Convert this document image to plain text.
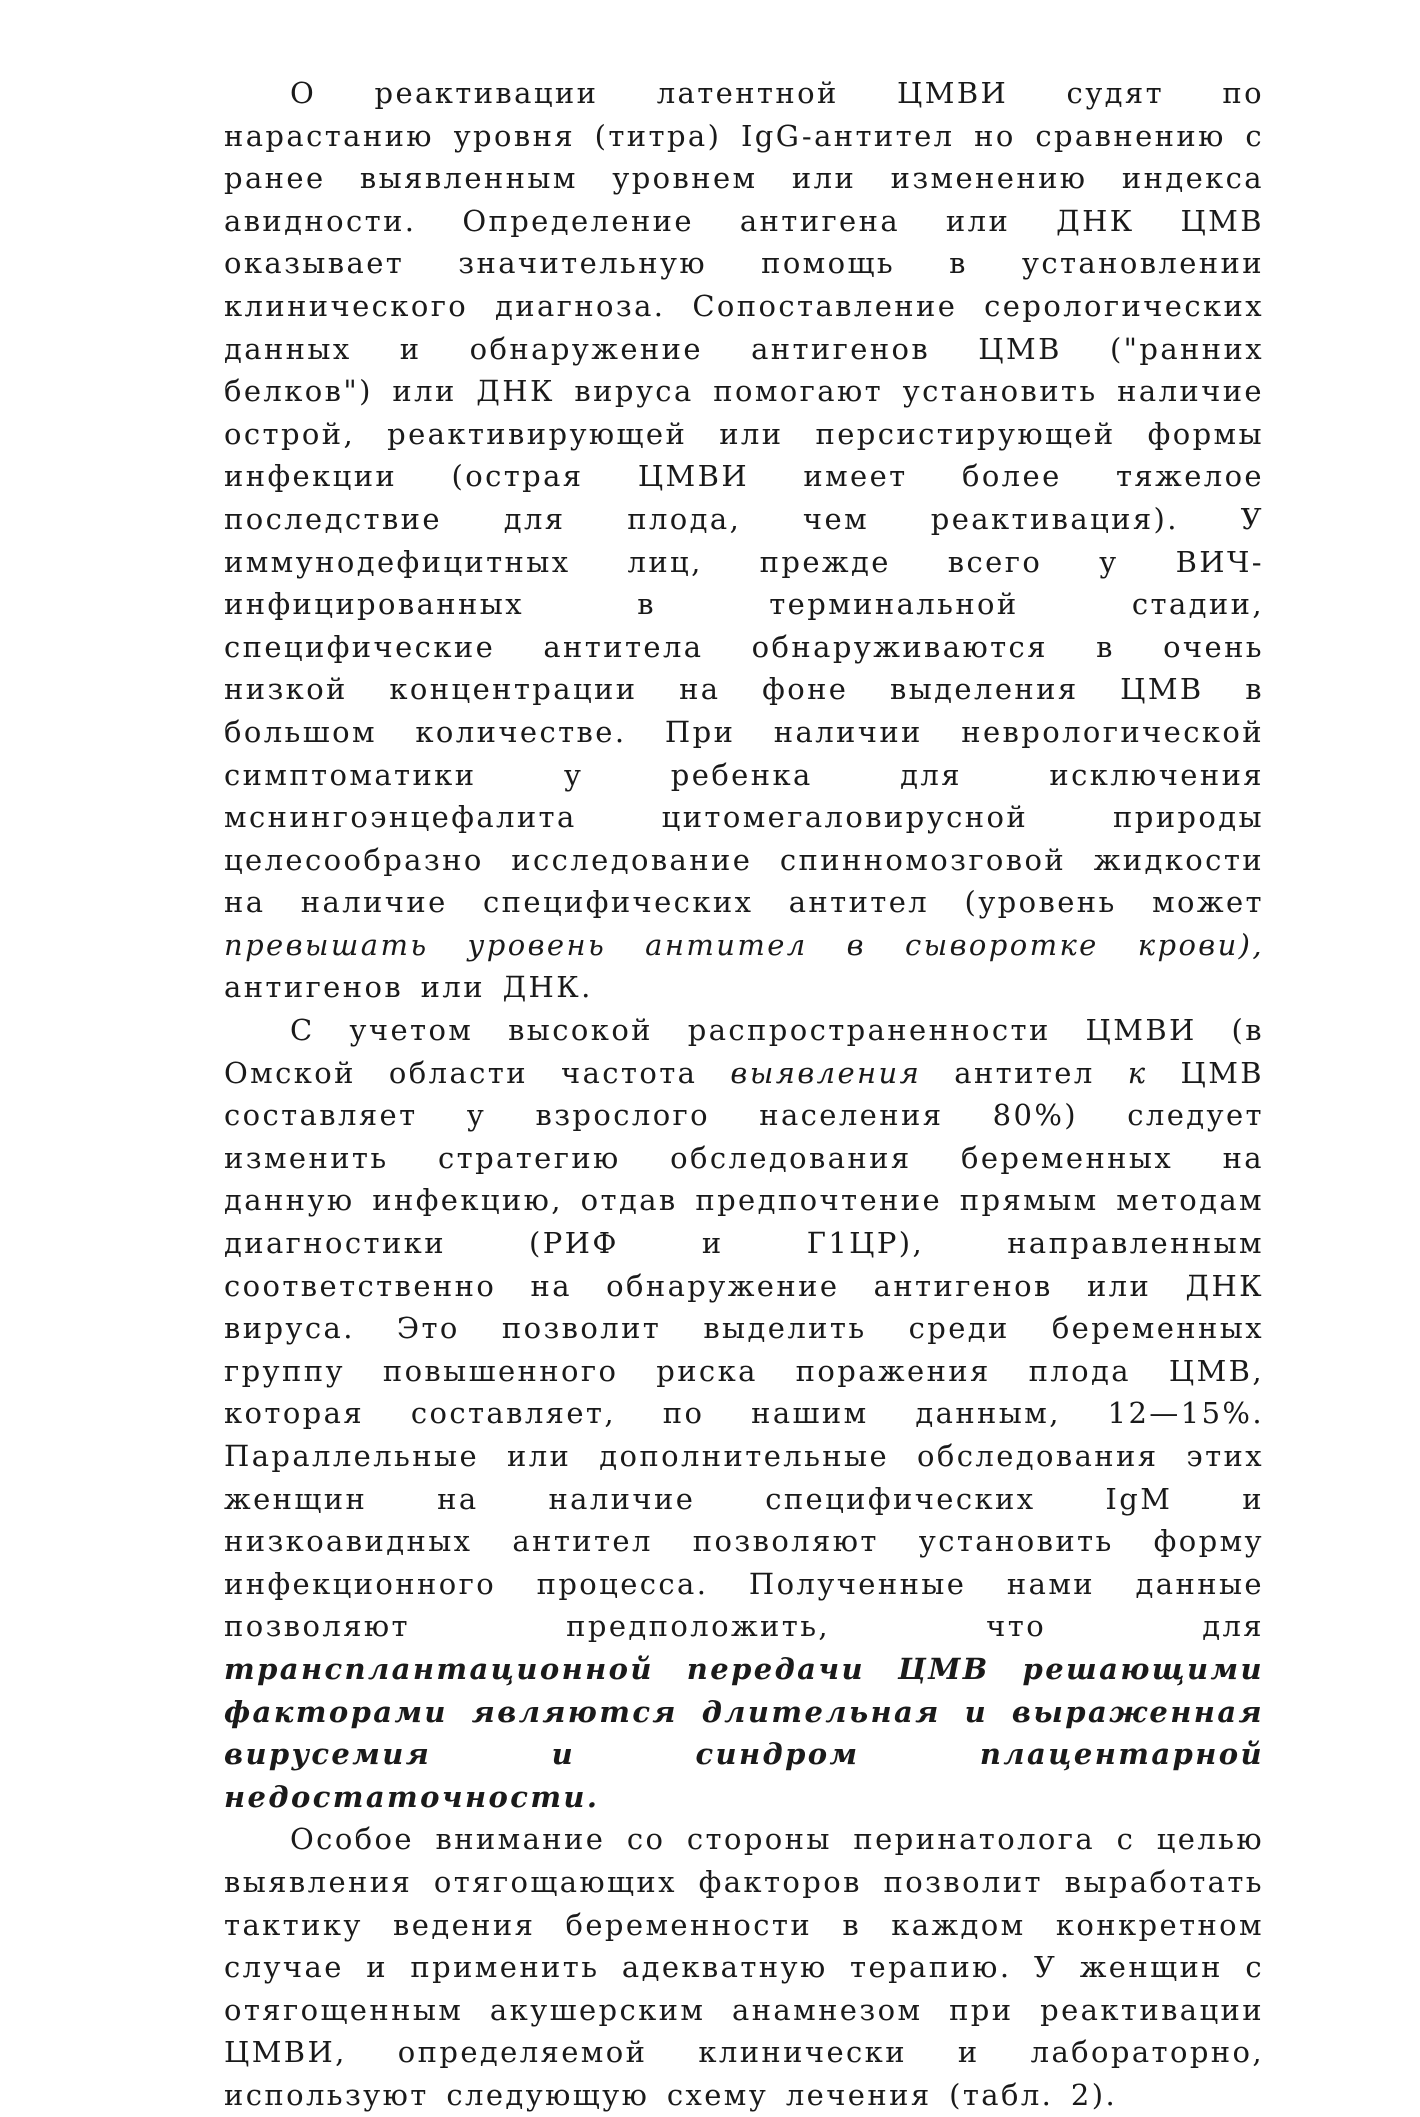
О реактивации латентной ЦМВИ судят по нарастанию уровня (титра) IgG-антител но сравнению с ранее выявленным уровнем или изменению индекса авидности. Определение антигена или ДНК ЦМВ оказывает значительную помощь в установлении клинического диагноза. Сопоставление серологических данных и обнаружение антигенов ЦМВ ("ранних белков") или ДНК вируса помогают установить наличие острой, реактивирующей или персистирующей формы инфекции (острая ЦМВИ имеет более тяжелое последствие для плода, чем реактивация). У иммунодефицитных лиц, прежде всего у ВИЧ-инфицированных в терминальной стадии, специфические антитела обнаруживаются в очень низкой концентрации на фоне выделения ЦМВ в большом количестве. При наличии неврологической симптоматики у ребенка для исключения мснингоэнцефалита цитомегаловирусной природы целесообразно исследование спинномозговой жидкости на наличие специфических антител (уровень может превышать уровень антител в сыворотке крови), антигенов или ДНК.

С учетом высокой распространенности ЦМВИ (в Омской области частота выявления антител к ЦМВ составляет у взрослого населения 80%) следует изменить стратегию обследования беременных на данную инфекцию, отдав предпочтение прямым методам диагностики (РИФ и Г1ЦР), направленным соответственно на обнаружение антигенов или ДНК вируса. Это позволит выделить среди беременных группу повышенного риска поражения плода ЦМВ, которая составляет, по нашим данным, 12—15%. Параллельные или дополнительные обследования этих женщин на наличие специфических IgM и низкоавидных антител позволяют установить форму инфекционного процесса. Полученные нами данные позволяют предположить, что для трансплантационной передачи ЦМВ решающими факторами являются длительная и выраженная вирусемия и синдром плацентарной недостаточности.

Особое внимание со стороны перинатолога с целью выявления отягощающих факторов позволит выработать тактику ведения беременности в каждом конкретном случае и применить адекватную терапию. У женщин с отягощенным акушерским анамнезом при реактивации ЦМВИ, определяемой клинически и лабораторно, используют следующую схему лечения (табл. 2).
